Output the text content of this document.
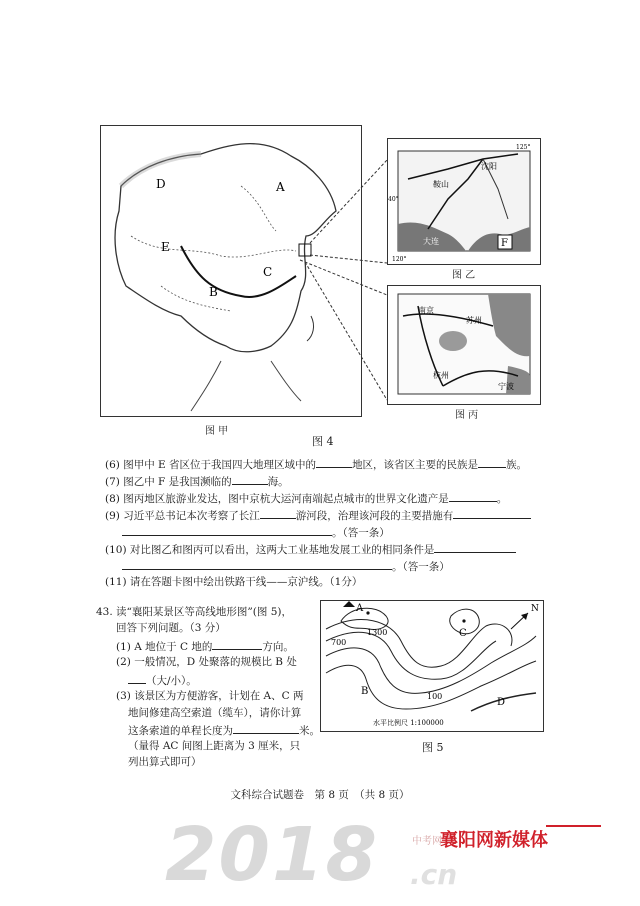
D	A
E
B
C
图 甲
图 4
沈阳
鞍山
大连	F
125°
120°
40°
图 乙
南京
苏州
杭州
宁波
图 丙
(6) 图甲中 E 省区位于我国四大地理区域中的	地区，该省区主要的民族是	族。
(7) 图乙中 F 是我国濒临的	海。
(8) 图丙地区旅游业发达，图中京杭大运河南端起点城市的世界文化遗产是	。
(9) 习近平总书记本次考察了长江	游河段，治理该河段的主要措施有
。（答一条）
(10) 对比图乙和图丙可以看出，这两大工业基地发展工业的相同条件是
。（答一条）
(11) 请在答题卡图中绘出铁路干线——京沪线。（1分）
43. 读“襄阳某景区等高线地形图”(图 5)，
回答下列问题。（3 分）
(1) A 地位于 C 地的	方向。
(2) 一般情况，D 处聚落的规模比 B 处
（大/小）。
(3) 该景区为方便游客，计划在 A、C 两
地间修建高空索道（缆车），请你计算
这条索道的单程长度为	米。
（量得 AC 间图上距离为 3 厘米，只
列出算式即可）
A
C
B
D
1300
700
100
N
水平比例尺 1:100000
图 5
文科综合试题卷　第 8 页　（共 8 页）
2018 .cn
中考网
襄阳网新媒体
